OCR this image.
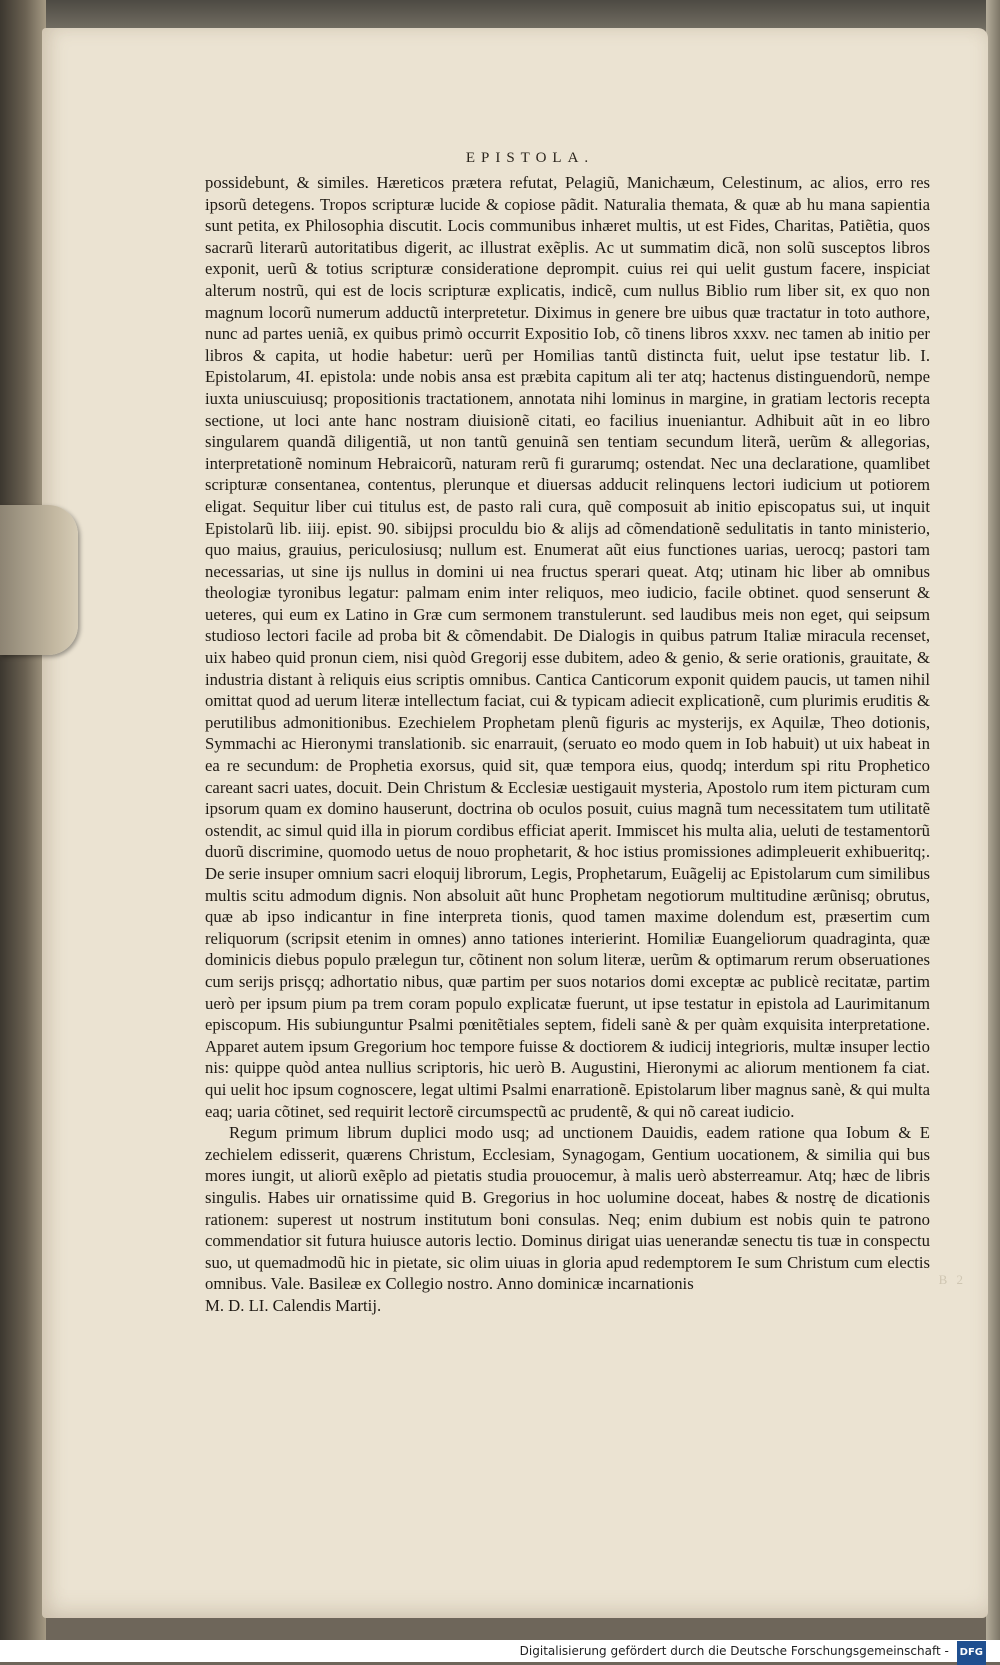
EPISTOLA.

possidebunt, & similes. Hæreticos prætera refutat, Pelagiũ, Manichæum, Celestinum, ac alios, erro res ipsorũ detegens. Tropos scripturæ lucide & copiose pãdit. Naturalia themata, & quæ ab hu mana sapientia sunt petita, ex Philosophia discutit. Locis communibus inhæret multis, ut est Fides, Charitas, Patiẽtia, quos sacrarũ literarũ autoritatibus digerit, ac illustrat exẽplis. Ac ut summatim dicã, non solũ susceptos libros exponit, uerũ & totius scripturæ consideratione deprompit. cuius rei qui uelit gustum facere, inspiciat alterum nostrũ, qui est de locis scripturæ explicatis, indicẽ, cum nullus Biblio rum liber sit, ex quo non magnum locorũ numerum adductũ interpretetur. Diximus in genere bre uibus quæ tractatur in toto authore, nunc ad partes ueniã, ex quibus primò occurrit Expositio Iob, cõ tinens libros xxxv. nec tamen ab initio per libros & capita, ut hodie habetur: uerũ per Homilias tantũ distincta fuit, uelut ipse testatur lib. I. Epistolarum, 4I. epistola: unde nobis ansa est præbita capitum ali ter atq; hactenus distinguendorũ, nempe iuxta uniuscuiusq; propositionis tractationem, annotata nihi lominus in margine, in gratiam lectoris recepta sectione, ut loci ante hanc nostram diuisionẽ citati, eo facilius inueniantur. Adhibuit aũt in eo libro singularem quandã diligentiã, ut non tantũ genuinã sen tentiam secundum literã, uerũm & allegorias, interpretationẽ nominum Hebraicorũ, naturam rerũ fi gurarumq; ostendat. Nec una declaratione, quamlibet scripturæ consentanea, contentus, plerunque et diuersas adducit relinquens lectori iudicium ut potiorem eligat. Sequitur liber cui titulus est, de pasto rali cura, quẽ composuit ab initio episcopatus sui, ut inquit Epistolarũ lib. iiij. epist. 90. sibijpsi proculdu bio & alijs ad cõmendationẽ sedulitatis in tanto ministerio, quo maius, grauius, periculosiusq; nullum est. Enumerat aũt eius functiones uarias, uerocq; pastori tam necessarias, ut sine ijs nullus in domini ui nea fructus sperari queat. Atq; utinam hic liber ab omnibus theologiæ tyronibus legatur: palmam enim inter reliquos, meo iudicio, facile obtinet. quod senserunt & ueteres, qui eum ex Latino in Græ cum sermonem transtulerunt. sed laudibus meis non eget, qui seipsum studioso lectori facile ad proba bit & cõmendabit. De Dialogis in quibus patrum Italiæ miracula recenset, uix habeo quid pronun ciem, nisi quòd Gregorij esse dubitem, adeo & genio, & serie orationis, grauitate, & industria distant à reliquis eius scriptis omnibus. Cantica Canticorum exponit quidem paucis, ut tamen nihil omittat quod ad uerum literæ intellectum faciat, cui & typicam adiecit explicationẽ, cum plurimis eruditis & perutilibus admonitionibus. Ezechielem Prophetam plenũ figuris ac mysterijs, ex Aquilæ, Theo dotionis, Symmachi ac Hieronymi translationib. sic enarrauit, (seruato eo modo quem in Iob habuit) ut uix habeat in ea re secundum: de Prophetia exorsus, quid sit, quæ tempora eius, quodq; interdum spi ritu Prophetico careant sacri uates, docuit. Dein Christum & Ecclesiæ uestigauit mysteria, Apostolo rum item picturam cum ipsorum quam ex domino hauserunt, doctrina ob oculos posuit, cuius magnã tum necessitatem tum utilitatẽ ostendit, ac simul quid illa in piorum cordibus efficiat aperit. Immiscet his multa alia, ueluti de testamentorũ duorũ discrimine, quomodo uetus de nouo prophetarit, & hoc istius promissiones adimpleuerit exhibueritq;. De serie insuper omnium sacri eloquij librorum, Legis, Prophetarum, Euãgelij ac Epistolarum cum similibus multis scitu admodum dignis. Non absoluit aũt hunc Prophetam negotiorum multitudine ærũnisq; obrutus, quæ ab ipso indicantur in fine interpreta tionis, quod tamen maxime dolendum est, præsertim cum reliquorum (scripsit etenim in omnes) anno tationes interierint. Homiliæ Euangeliorum quadraginta, quæ dominicis diebus populo prælegun tur, cõtinent non solum literæ, uerũm & optimarum rerum obseruationes cum serijs prisçq; adhortatio nibus, quæ partim per suos notarios domi exceptæ ac publicè recitatæ, partim uerò per ipsum pium pa trem coram populo explicatæ fuerunt, ut ipse testatur in epistola ad Laurimitanum episcopum. His subiunguntur Psalmi pœnitẽtiales septem, fideli sanè & per quàm exquisita interpretatione. Apparet autem ipsum Gregorium hoc tempore fuisse & doctiorem & iudicij integrioris, multæ insuper lectio nis: quippe quòd antea nullius scriptoris, hic uerò B. Augustini, Hieronymi ac aliorum mentionem fa ciat. qui uelit hoc ipsum cognoscere, legat ultimi Psalmi enarrationẽ. Epistolarum liber magnus sanè, & qui multa eaq; uaria cõtinet, sed requirit lectorẽ circumspectũ ac prudentẽ, & qui nõ careat iudicio.

Regum primum librum duplici modo usq; ad unctionem Dauidis, eadem ratione qua Iobum & E zechielem edisserit, quærens Christum, Ecclesiam, Synagogam, Gentium uocationem, & similia qui bus mores iungit, ut aliorũ exẽplo ad pietatis studia prouocemur, à malis uerò absterreamur. Atq; hæc de libris singulis. Habes uir ornatissime quid B. Gregorius in hoc uolumine doceat, habes & nostrę de dicationis rationem: superest ut nostrum institutum boni consulas. Neq; enim dubium est nobis quin te patrono commendatior sit futura huiusce autoris lectio. Dominus dirigat uias uenerandæ senectu tis tuæ in conspectu suo, ut quemadmodũ hic in pietate, sic olim uiuas in gloria apud redemptorem Ie sum Christum cum electis omnibus. Vale. Basileæ ex Collegio nostro. Anno dominicæ incarnationis

M. D. LI. Calendis Martij.

B 2
Digitalisierung gefördert durch die Deutsche Forschungsgemeinschaft - DFG
